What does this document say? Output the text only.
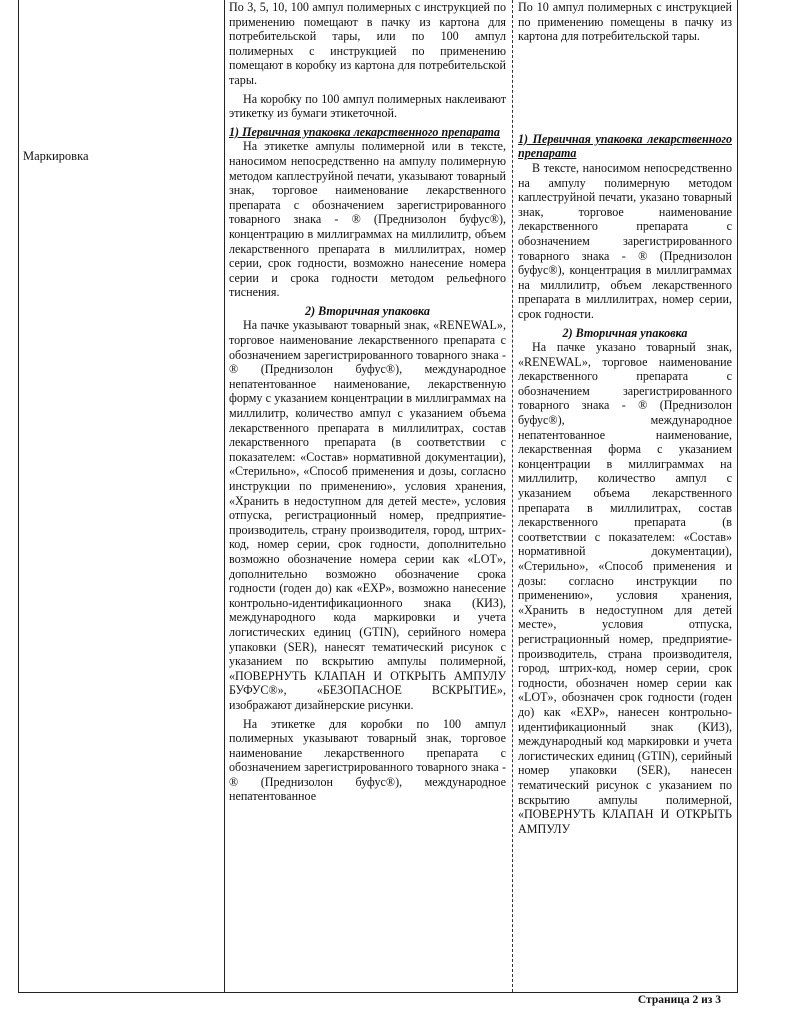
Маркировка

По 3, 5, 10, 100 ампул полимерных с инструкцией по применению помещают в пачку из картона для потребительской тары, или по 100 ампул полимерных с инструкцией по применению помещают в коробку из картона для потребительской тары.

На коробку по 100 ампул полимерных наклеивают этикетку из бумаги этикеточной.

1) Первичная упаковка лекарственного препарата

На этикетке ампулы полимерной или в тексте, наносимом непосредственно на ампулу полимерную методом каплеструйной печати, указывают товарный знак, торговое наименование лекарственного препарата с обозначением зарегистрированного товарного знака - ® (Преднизолон буфус®), концентрацию в миллиграммах на миллилитр, объем лекарственного препарата в миллилитрах, номер серии, срок годности, возможно нанесение номера серии и срока годности методом рельефного тиснения.

2) Вторичная упаковка

На пачке указывают товарный знак, «RENEWAL», торговое наименование лекарственного препарата с обозначением зарегистрированного товарного знака - ® (Преднизолон буфус®), международное непатентованное наименование, лекарственную форму с указанием концентрации в миллиграммах на миллилитр, количество ампул с указанием объема лекарственного препарата в миллилитрах, состав лекарственного препарата (в соответствии с показателем: «Состав» нормативной документации), «Стерильно», «Способ применения и дозы, согласно инструкции по применению», условия хранения, «Хранить в недоступном для детей месте», условия отпуска, регистрационный номер, предприятие-производитель, страну производителя, город, штрих-код, номер серии, срок годности, дополнительно возможно обозначение номера серии как «LOT», дополнительно возможно обозначение срока годности (годен до) как «EXP», возможно нанесение контрольно-идентификационного знака (КИЗ), международного кода маркировки и учета логистических единиц (GTIN), серийного номера упаковки (SER), нанесят тематический рисунок с указанием по вскрытию ампулы полимерной, «ПОВЕРНУТЬ КЛАПАН И ОТКРЫТЬ АМПУЛУ БУФУС®», «БЕЗОПАСНОЕ ВСКРЫТИЕ», изображают дизайнерские рисунки.

На этикетке для коробки по 100 ампул полимерных указывают товарный знак, торговое наименование лекарственного препарата с обозначением зарегистрированного товарного знака - ® (Преднизолон буфус®), международное непатентованное

По 10 ампул полимерных с инструкцией по применению помещены в пачку из картона для потребительской тары.

1) Первичная упаковка лекарственного препарата

В тексте, наносимом непосредственно на ампулу полимерную методом каплеструйной печати, указано товарный знак, торговое наименование лекарственного препарата с обозначением зарегистрированного товарного знака - ® (Преднизолон буфус®), концентрация в миллиграммах на миллилитр, объем лекарственного препарата в миллилитрах, номер серии, срок годности.

2) Вторичная упаковка

На пачке указано товарный знак, «RENEWAL», торговое наименование лекарственного препарата с обозначением зарегистрированного товарного знака - ® (Преднизолон буфус®), международное непатентованное наименование, лекарственная форма с указанием концентрации в миллиграммах на миллилитр, количество ампул с указанием объема лекарственного препарата в миллилитрах, состав лекарственного препарата (в соответствии с показателем: «Состав» нормативной документации), «Стерильно», «Способ применения и дозы: согласно инструкции по применению», условия хранения, «Хранить в недоступном для детей месте», условия отпуска, регистрационный номер, предприятие-производитель, страна производителя, город, штрих-код, номер серии, срок годности, обозначен номер серии как «LOT», обозначен срок годности (годен до) как «EXP», нанесен контрольно-идентификационный знак (КИЗ), международный код маркировки и учета логистических единиц (GTIN), серийный номер упаковки (SER), нанесен тематический рисунок с указанием по вскрытию ампулы полимерной, «ПОВЕРНУТЬ КЛАПАН И ОТКРЫТЬ АМПУЛУ

Страница 2 из 3
